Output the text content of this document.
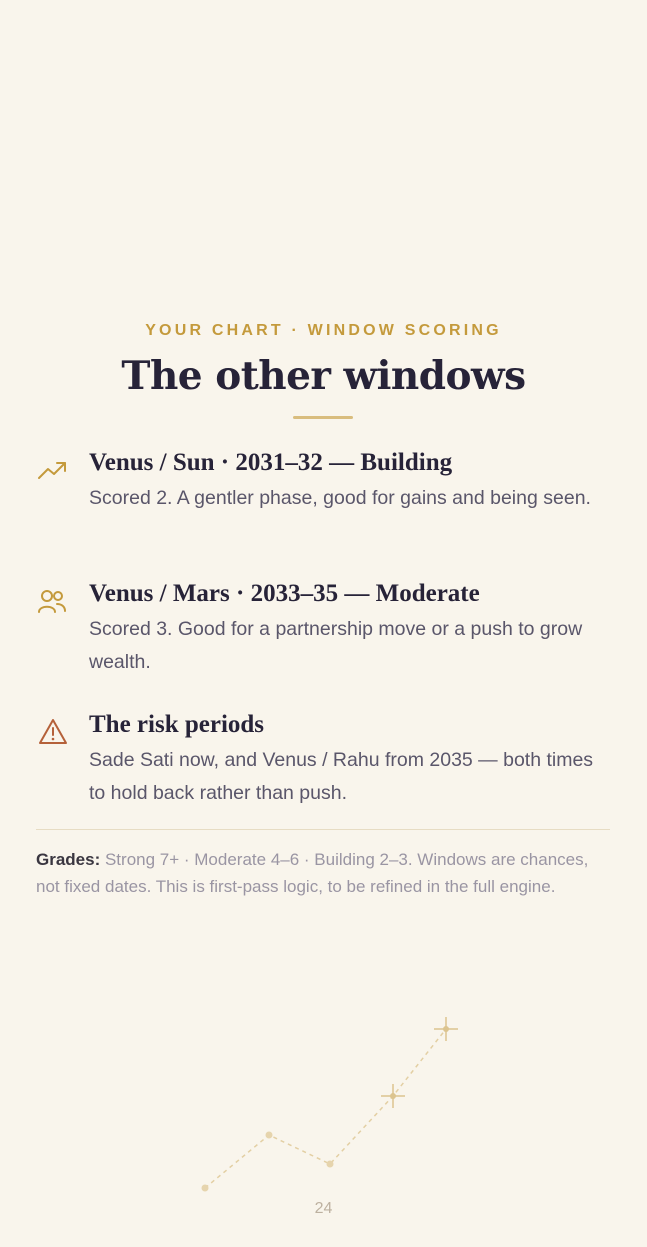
YOUR CHART · WINDOW SCORING
The other windows
Venus / Sun · 2031–32 — Building
Scored 2. A gentler phase, good for gains and being seen.
Venus / Mars · 2033–35 — Moderate
Scored 3. Good for a partnership move or a push to grow wealth.
The risk periods
Sade Sati now, and Venus / Rahu from 2035 — both times to hold back rather than push.
Grades: Strong 7+ · Moderate 4–6 · Building 2–3. Windows are chances, not fixed dates. This is first-pass logic, to be refined in the full engine.
24
